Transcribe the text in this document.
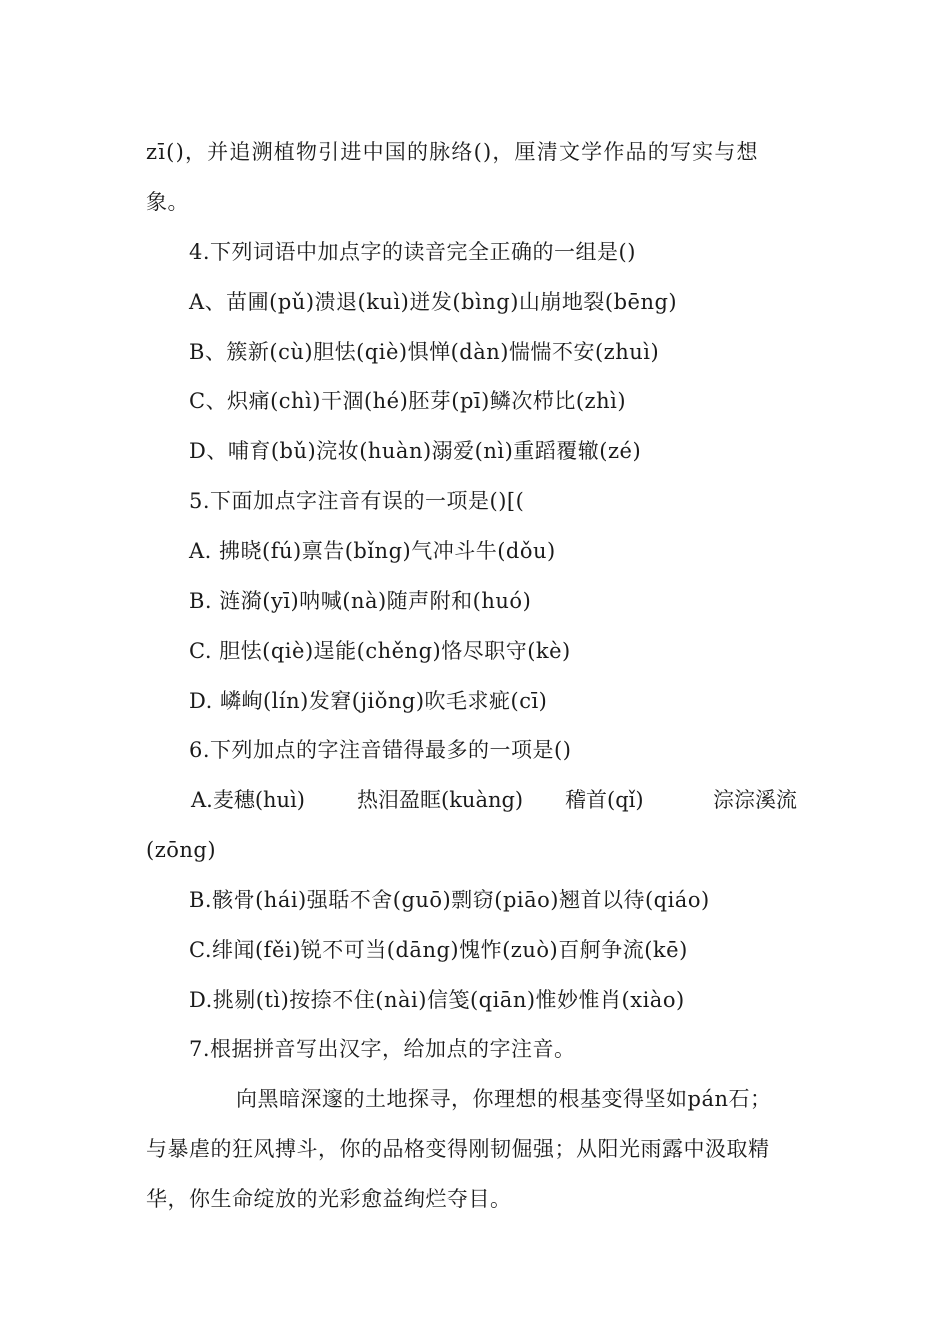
zī()，并追溯植物引进中国的脉络()，厘清文学作品的写实与想
象。
4.下列词语中加点字的读音完全正确的一组是()
A、苗圃(pǔ)溃退(kuì)迸发(bìng)山崩地裂(bēng)
B、簇新(cù)胆怯(qiè)惧惮(dàn)惴惴不安(zhuì)
C、炽痛(chì)干涸(hé)胚芽(pī)鳞次栉比(zhì)
D、哺育(bǔ)浣妆(huàn)溺爱(nì)重蹈覆辙(zé)
5.下面加点字注音有误的一项是()[(
A. 拂晓(fú)禀告(bǐng)气冲斗牛(dǒu)
B. 涟漪(yī)呐喊(nà)随声附和(huó)
C. 胆怯(qiè)逞能(chěng)恪尽职守(kè)
D. 嶙峋(lín)发窘(jiǒng)吹毛求疵(cī)
6.下列加点的字注音错得最多的一项是()
A.麦穗(huì) 热泪盈眶(kuàng) 稽首(qǐ)	淙淙溪流
(zōng)
B.骸骨(hái)强聒不舍(guō)剽窃(piāo)翘首以待(qiáo)
C.绯闻(fěi)锐不可当(dāng)愧怍(zuò)百舸争流(kē)
D.挑剔(tì)按捺不住(nài)信笺(qiān)惟妙惟肖(xiào)
7.根据拼音写出汉字，给加点的字注音。
向黑暗深邃的土地探寻，你理想的根基变得坚如pán石；
与暴虐的狂风搏斗，你的品格变得刚韧倔强；从阳光雨露中汲取精
华，你生命绽放的光彩愈益绚烂夺目。
